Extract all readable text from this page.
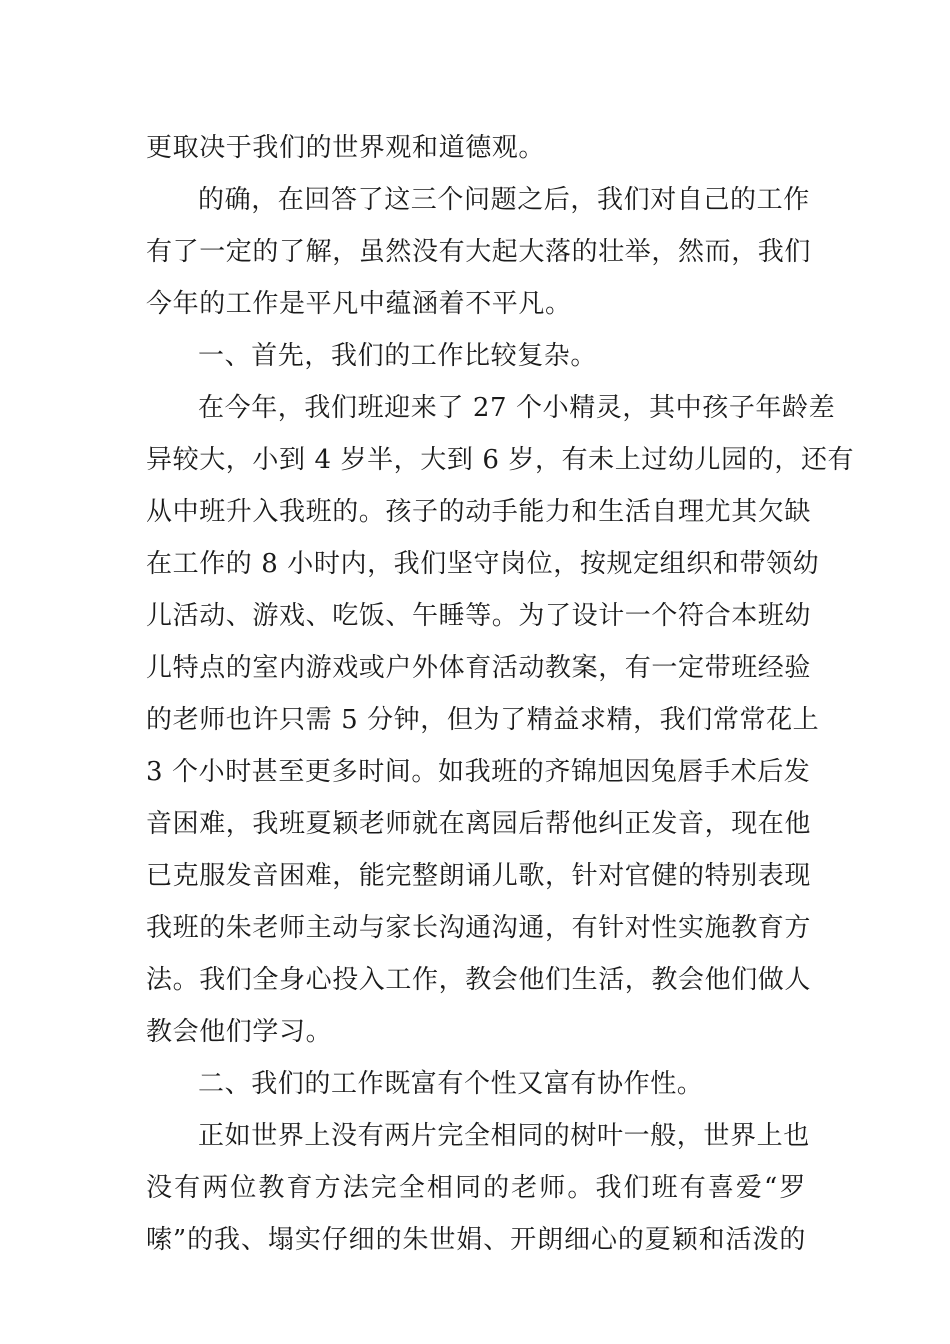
更取决于我们的世界观和道德观。
的确，在回答了这三个问题之后，我们对自己的工作
有了一定的了解，虽然没有大起大落的壮举，然而，我们
今年的工作是平凡中蕴涵着不平凡。
一、首先，我们的工作比较复杂。
在今年，我们班迎来了 27 个小精灵，其中孩子年龄差
异较大，小到 4 岁半，大到 6 岁，有未上过幼儿园的，还有
从中班升入我班的。孩子的动手能力和生活自理尤其欠缺
在工作的 8 小时内，我们坚守岗位，按规定组织和带领幼
儿活动、游戏、吃饭、午睡等。为了设计一个符合本班幼
儿特点的室内游戏或户外体育活动教案，有一定带班经验
的老师也许只需 5 分钟，但为了精益求精，我们常常花上
3 个小时甚至更多时间。如我班的齐锦旭因兔唇手术后发
音困难，我班夏颖老师就在离园后帮他纠正发音，现在他
已克服发音困难，能完整朗诵儿歌，针对官健的特别表现
我班的朱老师主动与家长沟通沟通，有针对性实施教育方
法。我们全身心投入工作，教会他们生活，教会他们做人
教会他们学习。
二、我们的工作既富有个性又富有协作性。
正如世界上没有两片完全相同的树叶一般，世界上也
没有两位教育方法完全相同的老师。我们班有喜爱“罗
嗦”的我、塌实仔细的朱世娟、开朗细心的夏颖和活泼的
